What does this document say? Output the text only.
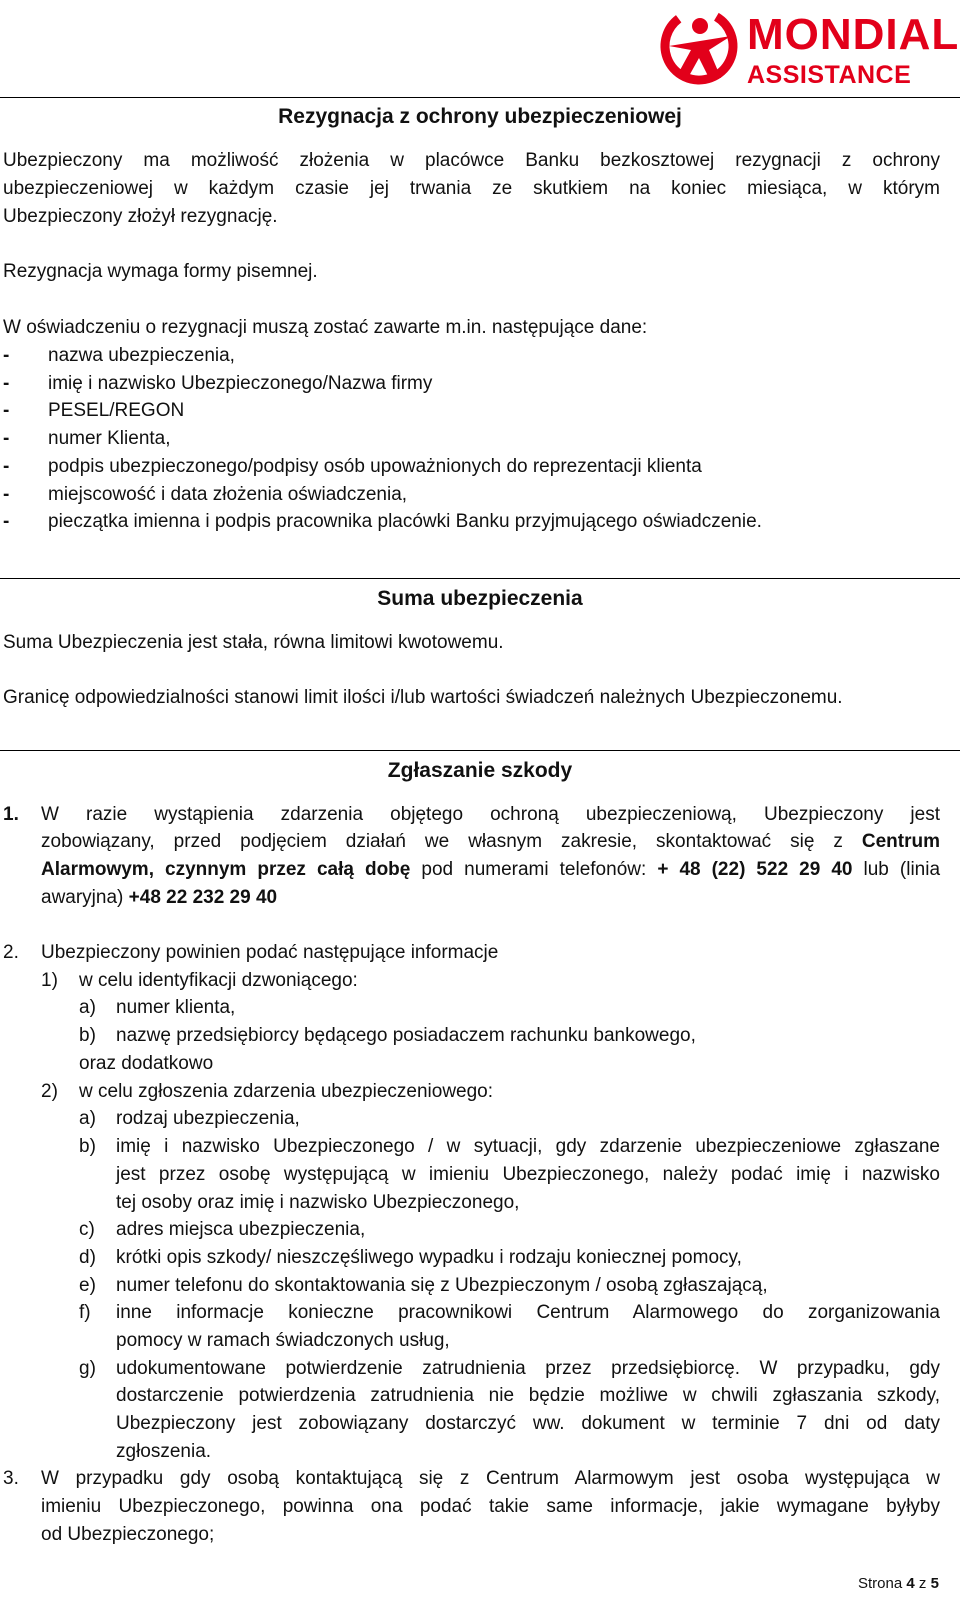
MONDIAL
ASSISTANCE
Rezygnacja z ochrony ubezpieczeniowej
Ubezpieczony ma możliwość złożenia w placówce Banku bezkosztowej rezygnacji z ochrony
ubezpieczeniowej w każdym czasie jej trwania ze skutkiem na koniec miesiąca, w którym
Ubezpieczony złożył rezygnację.
Rezygnacja wymaga formy pisemnej.
W oświadczeniu o rezygnacji muszą zostać zawarte m.in. następujące dane:
- nazwa ubezpieczenia,
- imię i nazwisko Ubezpieczonego/Nazwa firmy
- PESEL/REGON
- numer Klienta,
- podpis ubezpieczonego/podpisy osób upoważnionych do reprezentacji klienta
- miejscowość i data złożenia oświadczenia,
- pieczątka imienna i podpis pracownika placówki Banku przyjmującego oświadczenie.
Suma ubezpieczenia
Suma Ubezpieczenia jest stała, równa limitowi kwotowemu.
Granicę odpowiedzialności stanowi limit ilości i/lub wartości świadczeń należnych Ubezpieczonemu.
Zgłaszanie szkody
1. W razie wystąpienia zdarzenia objętego ochroną ubezpieczeniową, Ubezpieczony jest
zobowiązany, przed podjęciem działań we własnym zakresie, skontaktować się z Centrum
Alarmowym, czynnym przez całą dobę pod numerami telefonów: + 48 (22) 522 29 40 lub (linia
awaryjna) +48 22 232 29 40
2. Ubezpieczony powinien podać następujące informacje
1) w celu identyfikacji dzwoniącego:
a) numer klienta,
b) nazwę przedsiębiorcy będącego posiadaczem rachunku bankowego,
oraz dodatkowo
2) w celu zgłoszenia zdarzenia ubezpieczeniowego:
a) rodzaj ubezpieczenia,
b) imię i nazwisko Ubezpieczonego / w sytuacji, gdy zdarzenie ubezpieczeniowe zgłaszane
jest przez osobę występującą w imieniu Ubezpieczonego, należy podać imię i nazwisko
tej osoby oraz imię i nazwisko Ubezpieczonego,
c) adres miejsca ubezpieczenia,
d) krótki opis szkody/ nieszczęśliwego wypadku i rodzaju koniecznej pomocy,
e) numer telefonu do skontaktowania się z Ubezpieczonym / osobą zgłaszającą,
f) inne informacje konieczne pracownikowi Centrum Alarmowego do zorganizowania
pomocy w ramach świadczonych usług,
g) udokumentowane potwierdzenie zatrudnienia przez przedsiębiorcę. W przypadku, gdy
dostarczenie potwierdzenia zatrudnienia nie będzie możliwe w chwili zgłaszania szkody,
Ubezpieczony jest zobowiązany dostarczyć ww. dokument w terminie 7 dni od daty
zgłoszenia.
3. W przypadku gdy osobą kontaktującą się z Centrum Alarmowym jest osoba występująca w
imieniu Ubezpieczonego, powinna ona podać takie same informacje, jakie wymagane byłyby
od Ubezpieczonego;
Strona 4 z 5
